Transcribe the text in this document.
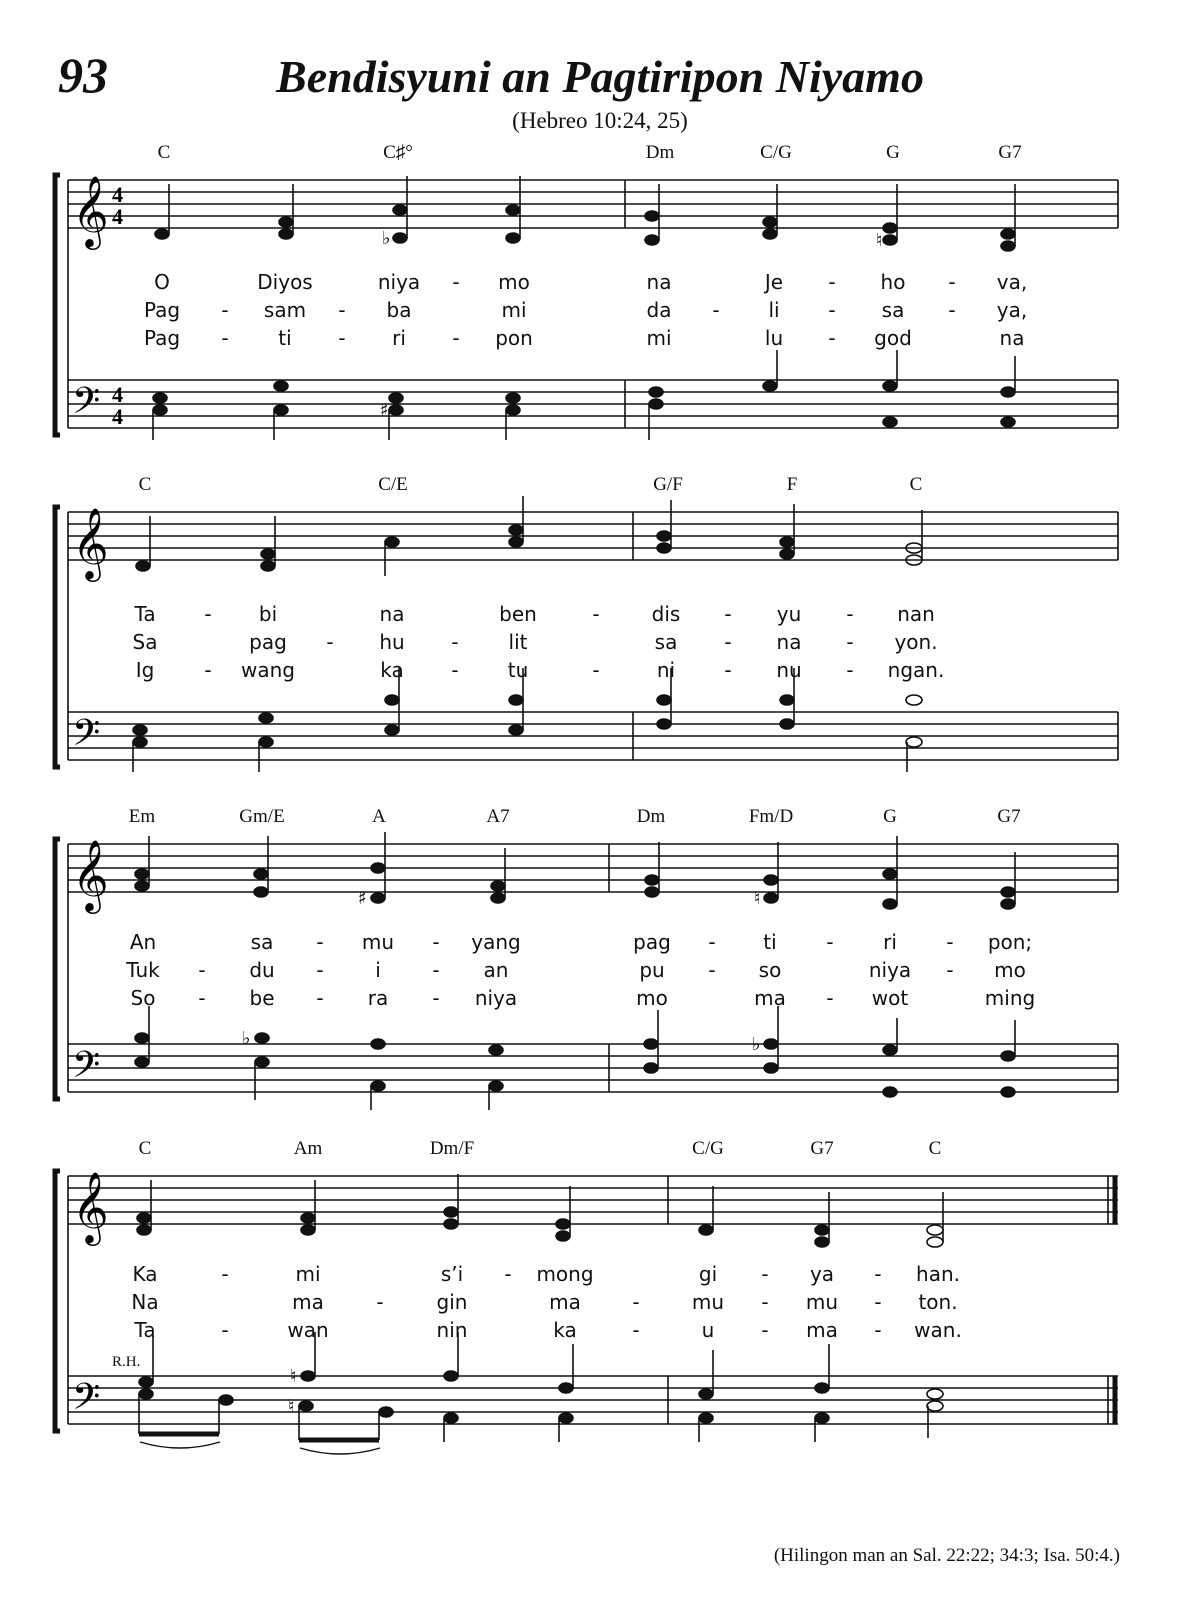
93	Bendisyuni an Pagtiripon Niyamo
(Hebreo 10:24, 25)
𝄞
𝄢
4
4
4
4
♭	♮
♯
C	C♯°	Dm	C/G	G	G7
O	Diyos	niya - mo	na	Je - ho - va,
Pag - sam - ba	mi	da - li - sa - ya,
Pag - ti - ri - pon	mi	lu - god	na
𝄞
𝄢
C	C/E	G/F	F	C
Ta - bi	na	ben	-	dis - yu - nan
Sa	pag - hu - lit	sa - na - yon.
Ig	- wang	ka - tu	-	ni - nu - ngan.
𝄞
𝄢
♯	♮
♭	♭
Em	Gm/E	A	A7	Dm	Fm/D	G	G7
An	sa - mu - yang	pag - ti - ri - pon;
Tuk - du -	i	- an	pu - so	niya - mo
So - be - ra - niya	mo	ma - wot	ming
𝄞
𝄢	♮
♮
C	Am	Dm/F	C/G	G7	C
Ka	-	mi	s’i - mong	gi - ya - han.
Na	ma	-	gin	ma	-	mu - mu - ton.
Ta	-	wan	nin	ka	-	u - ma - wan.
R.H.
(Hilingon man an Sal. 22:22; 34:3; Isa. 50:4.)
